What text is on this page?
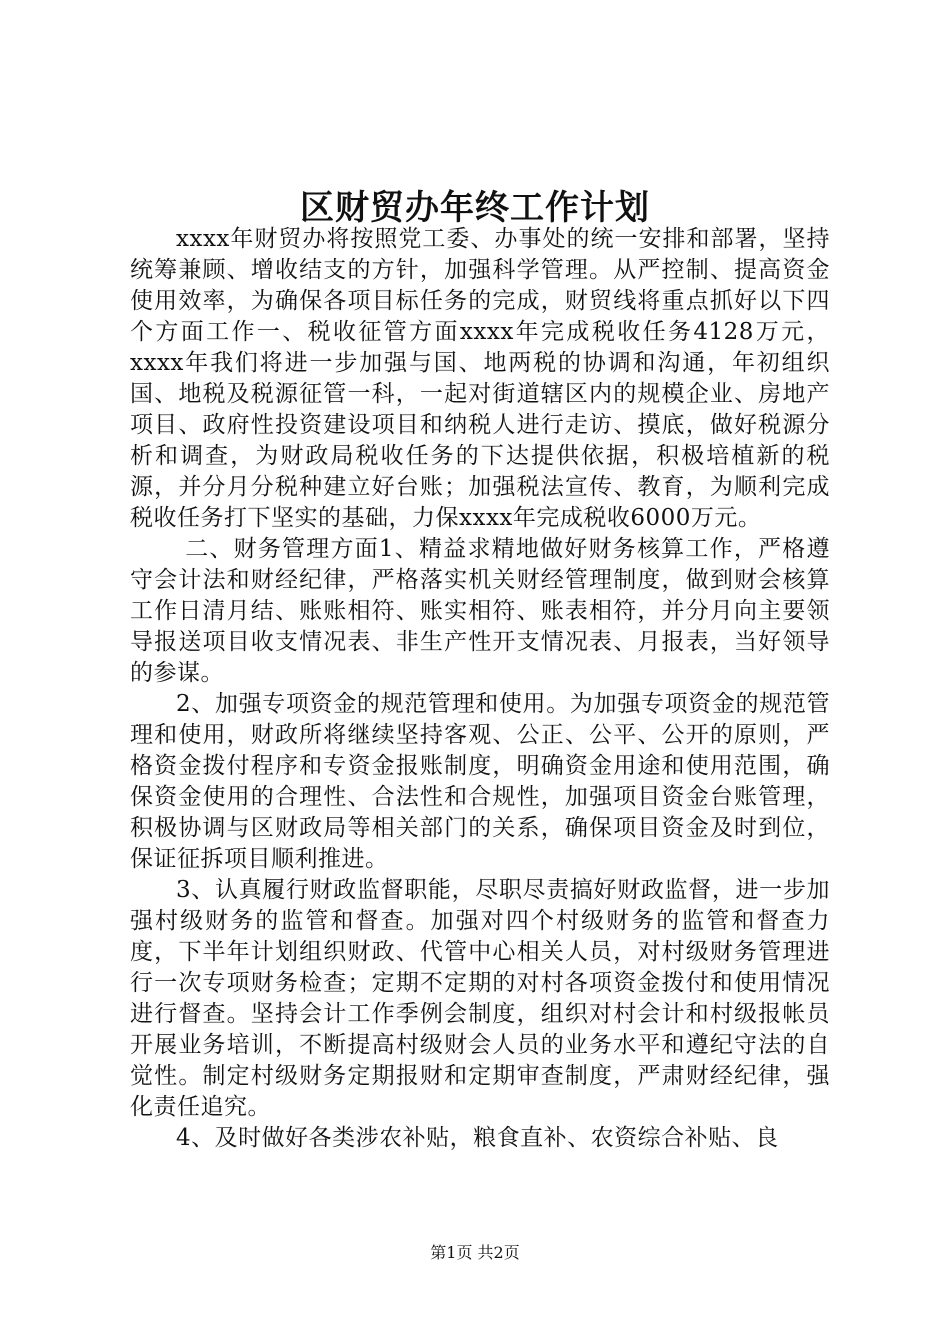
区财贸办年终工作计划

xxxx年财贸办将按照党工委、办事处的统一安排和部署，坚持统筹兼顾、增收结支的方针，加强科学管理。从严控制、提高资金使用效率，为确保各项目标任务的完成，财贸线将重点抓好以下四个方面工作一、税收征管方面xxxx年完成税收任务4128万元，xxxx年我们将进一步加强与国、地两税的协调和沟通，年初组织国、地税及税源征管一科，一起对街道辖区内的规模企业、房地产项目、政府性投资建设项目和纳税人进行走访、摸底，做好税源分析和调查，为财政局税收任务的下达提供依据，积极培植新的税源，并分月分税种建立好台账；加强税法宣传、教育，为顺利完成税收任务打下坚实的基础，力保xxxx年完成税收6000万元。

二、财务管理方面1、精益求精地做好财务核算工作，严格遵守会计法和财经纪律，严格落实机关财经管理制度，做到财会核算工作日清月结、账账相符、账实相符、账表相符，并分月向主要领导报送项目收支情况表、非生产性开支情况表、月报表，当好领导的参谋。

2、加强专项资金的规范管理和使用。为加强专项资金的规范管理和使用，财政所将继续坚持客观、公正、公平、公开的原则，严格资金拨付程序和专资金报账制度，明确资金用途和使用范围，确保资金使用的合理性、合法性和合规性，加强项目资金台账管理，积极协调与区财政局等相关部门的关系，确保项目资金及时到位，保证征拆项目顺利推进。

3、认真履行财政监督职能，尽职尽责搞好财政监督，进一步加强村级财务的监管和督查。加强对四个村级财务的监管和督查力度，下半年计划组织财政、代管中心相关人员，对村级财务管理进行一次专项财务检查；定期不定期的对村各项资金拨付和使用情况进行督查。坚持会计工作季例会制度，组织对村会计和村级报帐员开展业务培训，不断提高村级财会人员的业务水平和遵纪守法的自觉性。制定村级财务定期报财和定期审查制度，严肃财经纪律，强化责任追究。

4、及时做好各类涉农补贴，粮食直补、农资综合补贴、良

第1页 共2页
